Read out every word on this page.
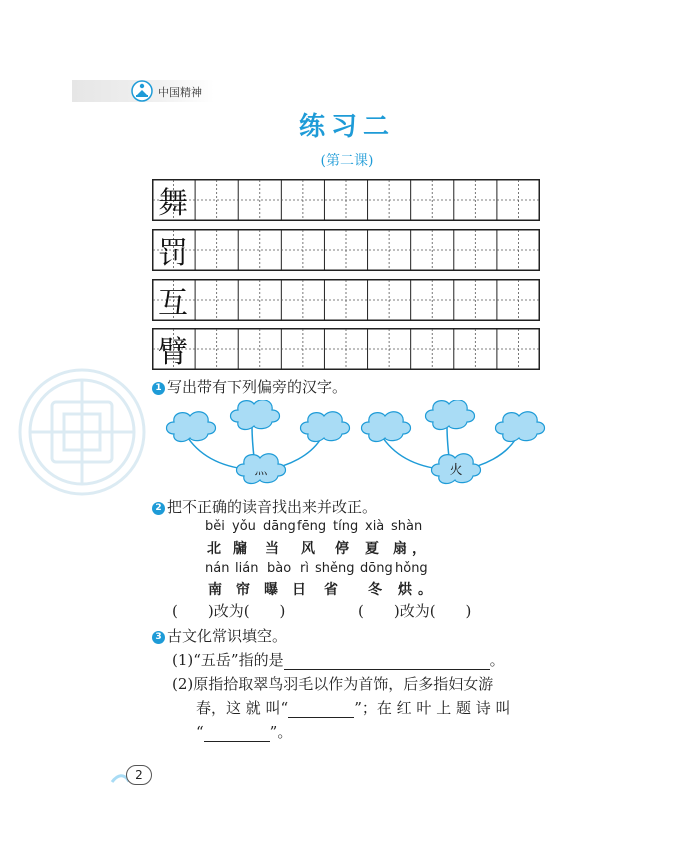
中国精神
练习二
(第二课)
舞
罚
互
臂
1 写出带有下列偏旁的汉字。
灬	火
2 把不正确的读音找出来并改正。
běi yǒu dāng fēng tíng xià shàn
北 牖 当 风 停 夏 扇 ，
nán lián bào rì shěng dōng hǒng
南 帘 曝 日 省 冬 烘 。
(　　)改为(　　)	(　　)改为(　　)
3 古文化常识填空。
(1)“五岳”指的是	。
(2)原指拾取翠鸟羽毛以作为首饰，后多指妇女游
春，这 就 叫“	”；在 红 叶 上 题 诗 叫
“	”。
2
